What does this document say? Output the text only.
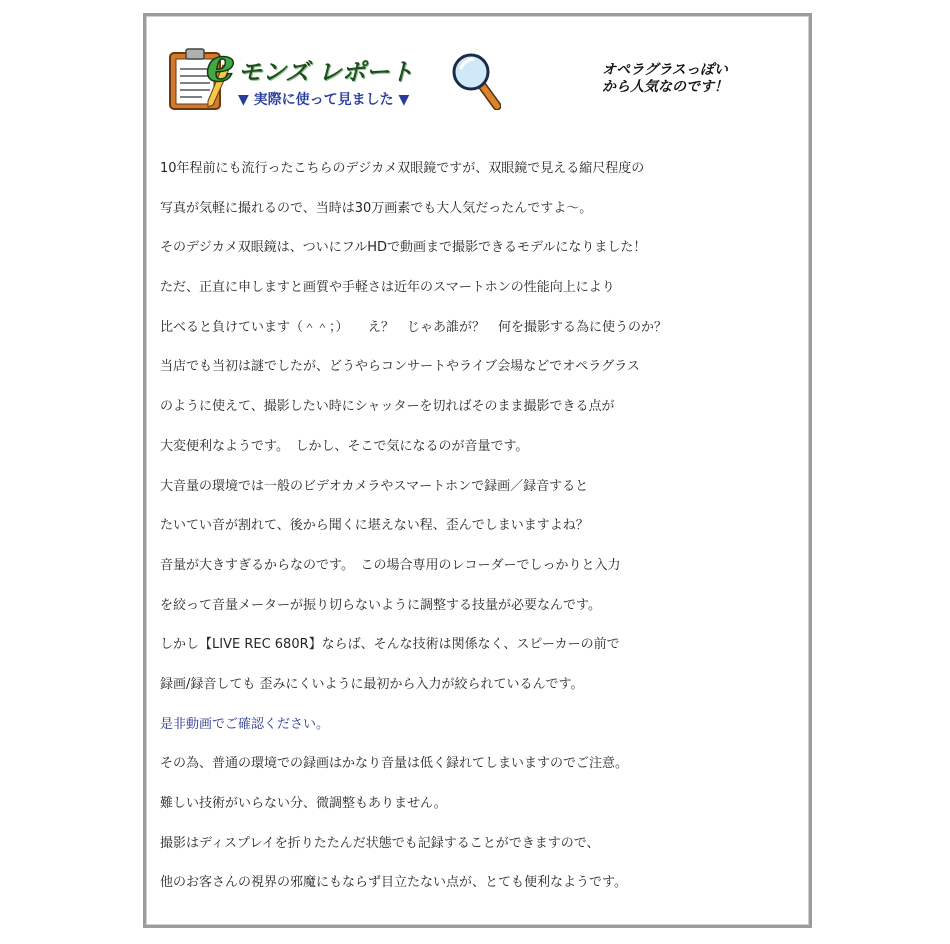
e モンズ レポート
▼ 実際に使って見ました ▼
オペラグラスっぽい
から人気なのです！

10年程前にも流行ったこちらのデジカメ双眼鏡ですが、双眼鏡で見える縮尺程度の

写真が気軽に撮れるので、当時は30万画素でも大人気だったんですよ〜。

そのデジカメ双眼鏡は、ついにフルHDで動画まで撮影できるモデルになりました！

ただ、正直に申しますと画質や手軽さは近年のスマートホンの性能向上により

比べると負けています（＾＾；）　　え？　じゃあ誰が？　何を撮影する為に使うのか？

当店でも当初は謎でしたが、どうやらコンサートやライブ会場などでオペラグラス

のように使えて、撮影したい時にシャッターを切ればそのまま撮影できる点が

大変便利なようです。　しかし、そこで気になるのが音量です。

大音量の環境では一般のビデオカメラやスマートホンで録画／録音すると

たいてい音が割れて、後から聞くに堪えない程、歪んでしまいますよね？

音量が大きすぎるからなのです。　この場合専用のレコーダーでしっかりと入力

を絞って音量メーターが振り切らないように調整する技量が必要なんです。

しかし【LIVE REC 680R】ならば、そんな技術は関係なく、スピーカーの前で

録画/録音しても 歪みにくいように最初から入力が絞られているんです。

是非動画でご確認ください。

その為、普通の環境での録画はかなり音量は低く録れてしまいますのでご注意。

難しい技術がいらない分、微調整もありません。

撮影はディスプレイを折りたたんだ状態でも記録することができますので、

他のお客さんの視界の邪魔にもならず目立たない点が、とても便利なようです。
